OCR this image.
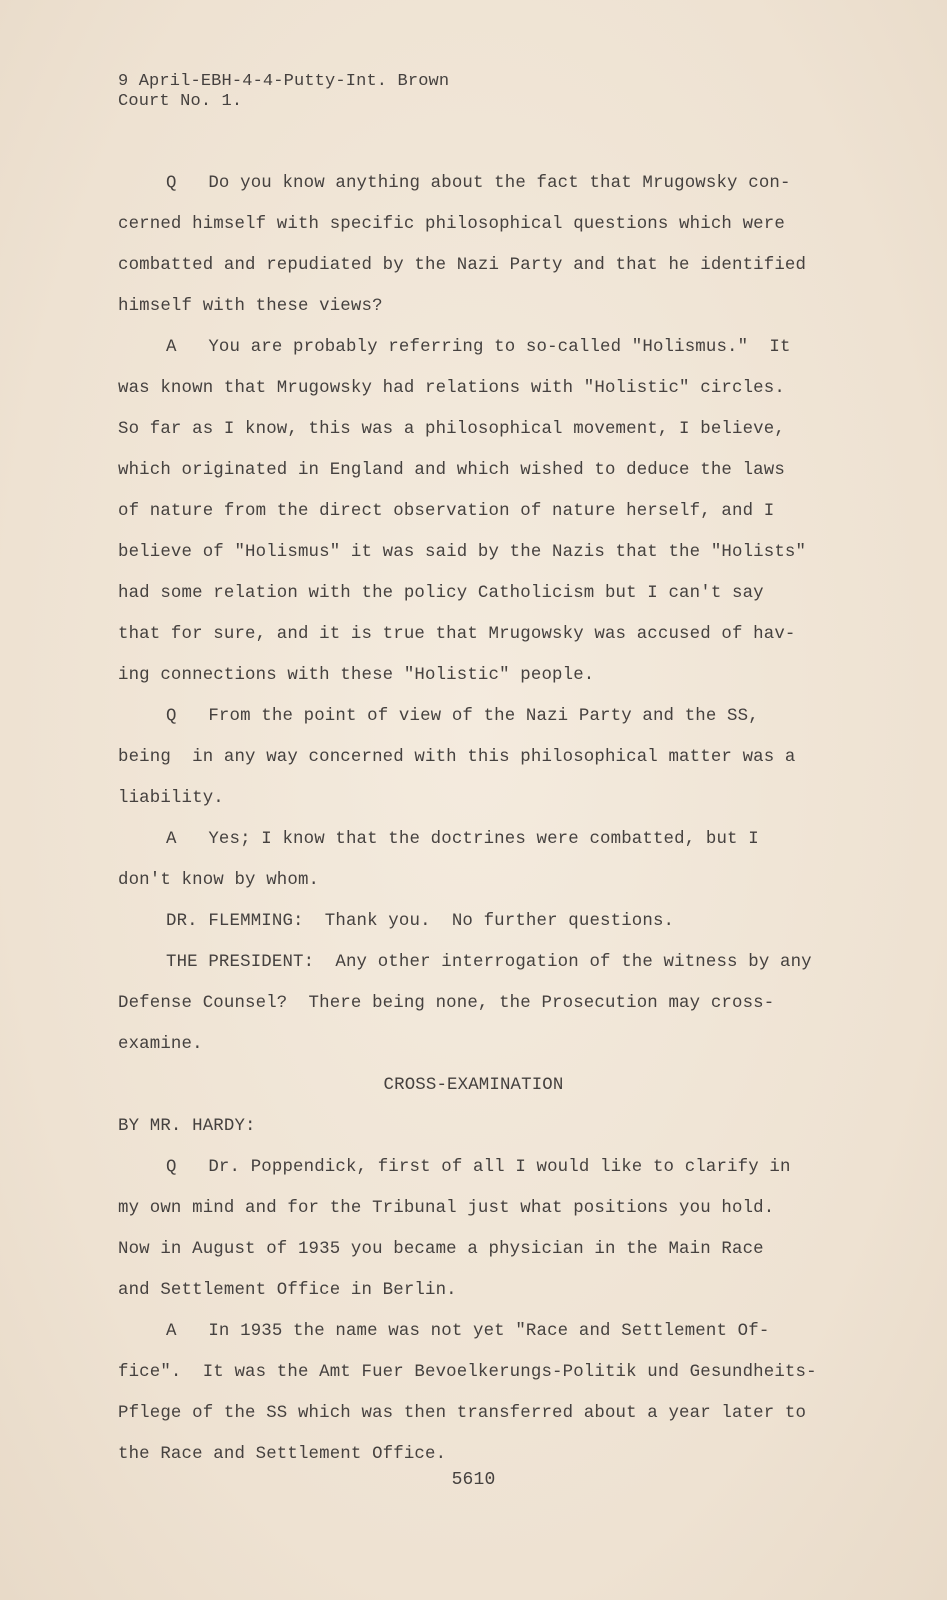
9 April-EBH-4-4-Putty-Int. Brown

Court No. 1.

Q   Do you know anything about the fact that Mrugowsky con-

cerned himself with specific philosophical questions which were

combatted and repudiated by the Nazi Party and that he identified

himself with these views?

A   You are probably referring to so-called "Holismus."  It

was known that Mrugowsky had relations with "Holistic" circles.

So far as I know, this was a philosophical movement, I believe,

which originated in England and which wished to deduce the laws

of nature from the direct observation of nature herself, and I

believe of "Holismus" it was said by the Nazis that the "Holists"

had some relation with the policy Catholicism but I can't say

that for sure, and it is true that Mrugowsky was accused of hav-

ing connections with these "Holistic" people.

Q   From the point of view of the Nazi Party and the SS,

being  in any way concerned with this philosophical matter was a

liability.

A   Yes; I know that the doctrines were combatted, but I

don't know by whom.

DR. FLEMMING:  Thank you.  No further questions.

THE PRESIDENT:  Any other interrogation of the witness by any

Defense Counsel?  There being none, the Prosecution may cross-

examine.

CROSS-EXAMINATION

BY MR. HARDY:

Q   Dr. Poppendick, first of all I would like to clarify in

my own mind and for the Tribunal just what positions you hold.

Now in August of 1935 you became a physician in the Main Race

and Settlement Office in Berlin.

A   In 1935 the name was not yet "Race and Settlement Of-

fice".  It was the Amt Fuer Bevoelkerungs-Politik und Gesundheits-

Pflege of the SS which was then transferred about a year later to

the Race and Settlement Office.

5610
